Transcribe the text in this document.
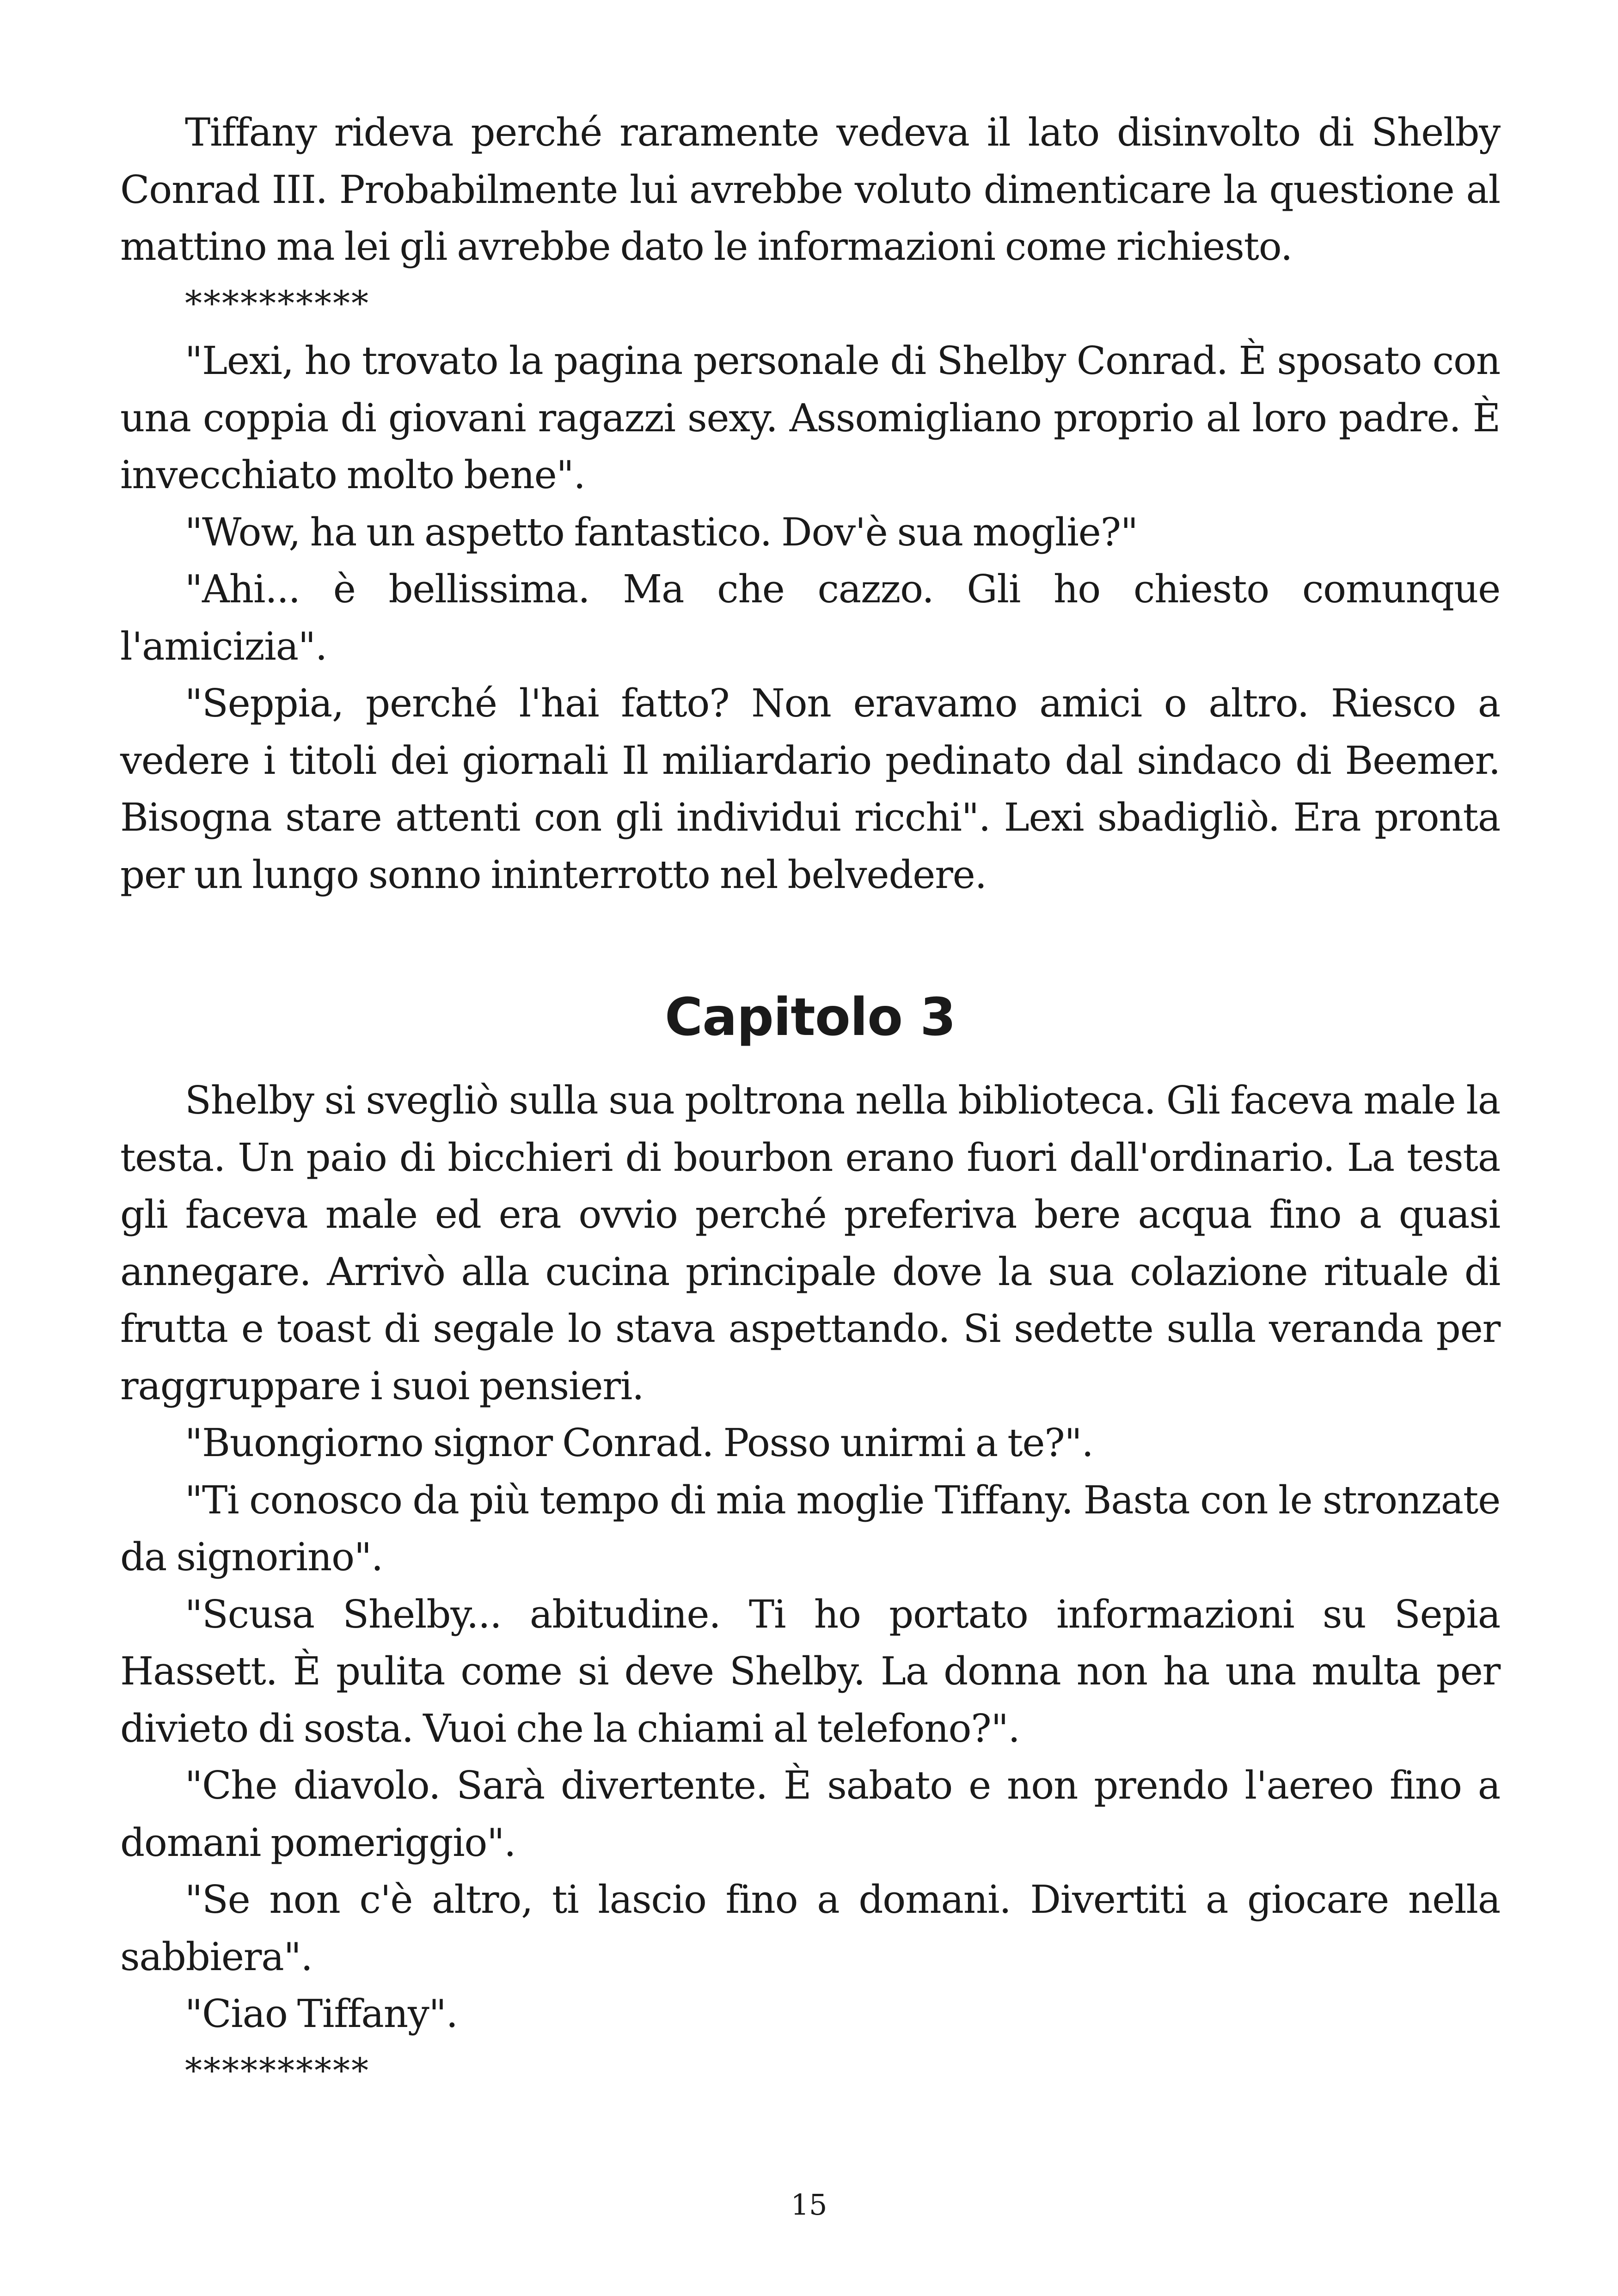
Tiffany rideva perché raramente vedeva il lato disinvolto di Shelby Conrad III. Probabilmente lui avrebbe voluto dimenticare la questione al mattino ma lei gli avrebbe dato le informazioni come richiesto.

**********

"Lexi, ho trovato la pagina personale di Shelby Conrad. È sposato con una coppia di giovani ragazzi sexy. Assomigliano proprio al loro padre. È invecchiato molto bene".

"Wow, ha un aspetto fantastico. Dov'è sua moglie?"

"Ahi... è bellissima. Ma che cazzo. Gli ho chiesto comunque l'amicizia".

"Seppia, perché l'hai fatto? Non eravamo amici o altro. Riesco a vedere i titoli dei giornali Il miliardario pedinato dal sindaco di Beemer. Bisogna stare attenti con gli individui ricchi". Lexi sbadigliò. Era pronta per un lungo sonno ininterrotto nel belvedere.

Capitolo 3

Shelby si svegliò sulla sua poltrona nella biblioteca. Gli faceva male la testa. Un paio di bicchieri di bourbon erano fuori dall'ordinario. La testa gli faceva male ed era ovvio perché preferiva bere acqua fino a quasi annegare. Arrivò alla cucina principale dove la sua colazione rituale di frutta e toast di segale lo stava aspettando. Si sedette sulla veranda per raggruppare i suoi pensieri.

"Buongiorno signor Conrad. Posso unirmi a te?".

"Ti conosco da più tempo di mia moglie Tiffany. Basta con le stronzate da signorino".

"Scusa Shelby... abitudine. Ti ho portato informazioni su Sepia Hassett. È pulita come si deve Shelby. La donna non ha una multa per divieto di sosta. Vuoi che la chiami al telefono?".

"Che diavolo. Sarà divertente. È sabato e non prendo l'aereo fino a domani pomeriggio".

"Se non c'è altro, ti lascio fino a domani. Divertiti a giocare nella sabbiera".

"Ciao Tiffany".

**********

15
